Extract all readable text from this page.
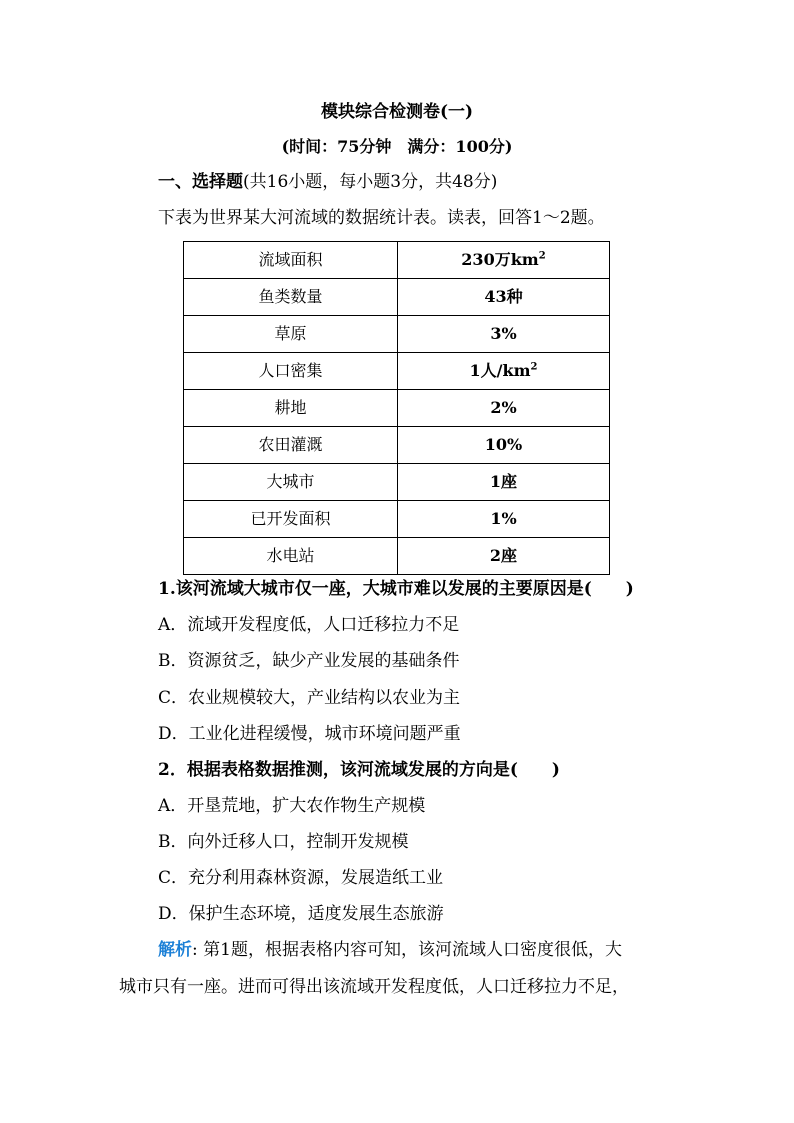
模块综合检测卷(一)
(时间：75分钟　满分：100分)
一、选择题(共16小题，每小题3分，共48分)
下表为世界某大河流域的数据统计表。读表，回答1～2题。
流域面积	230万$km^2$
鱼类数量	43种
草原	3%
人口密集	1人$/km^2$
耕地	2%
农田灌溉	10%
大城市	1座
已开发面积	1%
水电站	2座
1.该河流域大城市仅一座，大城市难以发展的主要原因是(　　)
A．流域开发程度低，人口迁移拉力不足
B．资源贫乏，缺少产业发展的基础条件
C．农业规模较大，产业结构以农业为主
D．工业化进程缓慢，城市环境问题严重
2．根据表格数据推测，该河流域发展的方向是(　　)
A．开垦荒地，扩大农作物生产规模
B．向外迁移人口，控制开发规模
C．充分利用森林资源，发展造纸工业
D．保护生态环境，适度发展生态旅游
解析: 第1题，根据表格内容可知，该河流域人口密度很低，大
城市只有一座。进而可得出该流域开发程度低，人口迁移拉力不足，
